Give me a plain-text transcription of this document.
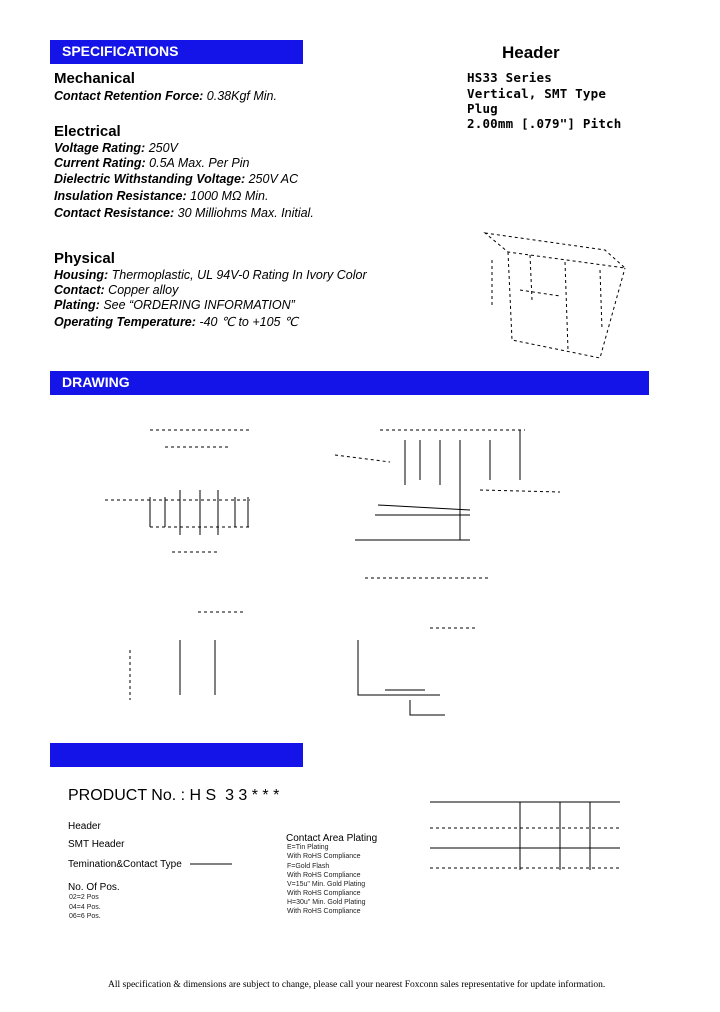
SPECIFICATIONS
DRAWING

ORDERING   INFORMATION

Header
HS33 Series
Vertical, SMT Type
Plug
2.00mm [.079"] Pitch
Mechanical
Contact Retention Force: 0.38Kgf Min.
Electrical
Voltage Rating: 250V
Current Rating: 0.5A Max. Per Pin
Dielectric Withstanding Voltage: 250V AC
Insulation Resistance: 1000 MΩ Min.
Contact Resistance: 30 Milliohms Max. Initial.
Physical
Housing: Thermoplastic, UL 94V-0 Rating In Ivory Color
Contact: Copper alloy
Plating: See “ORDERING INFORMATION”
Operating Temperature: -40 ℃ to +105 ℃
PRODUCT No. : H S  3 3 * * *
Header
SMT Header
Temination&Contact Type
No. Of Pos.
02=2 Pos
04=4 Pos.
06=6 Pos.
Contact Area Plating
E=Tin Plating
With RoHS Compliance
F=Gold Flash
With RoHS Compliance
V=15u" Min. Gold Plating
With RoHS Compliance
H=30u" Min. Gold Plating
With RoHS Compliance
All specification & dimensions are subject to change, please call your nearest Foxconn sales representative for update information.
